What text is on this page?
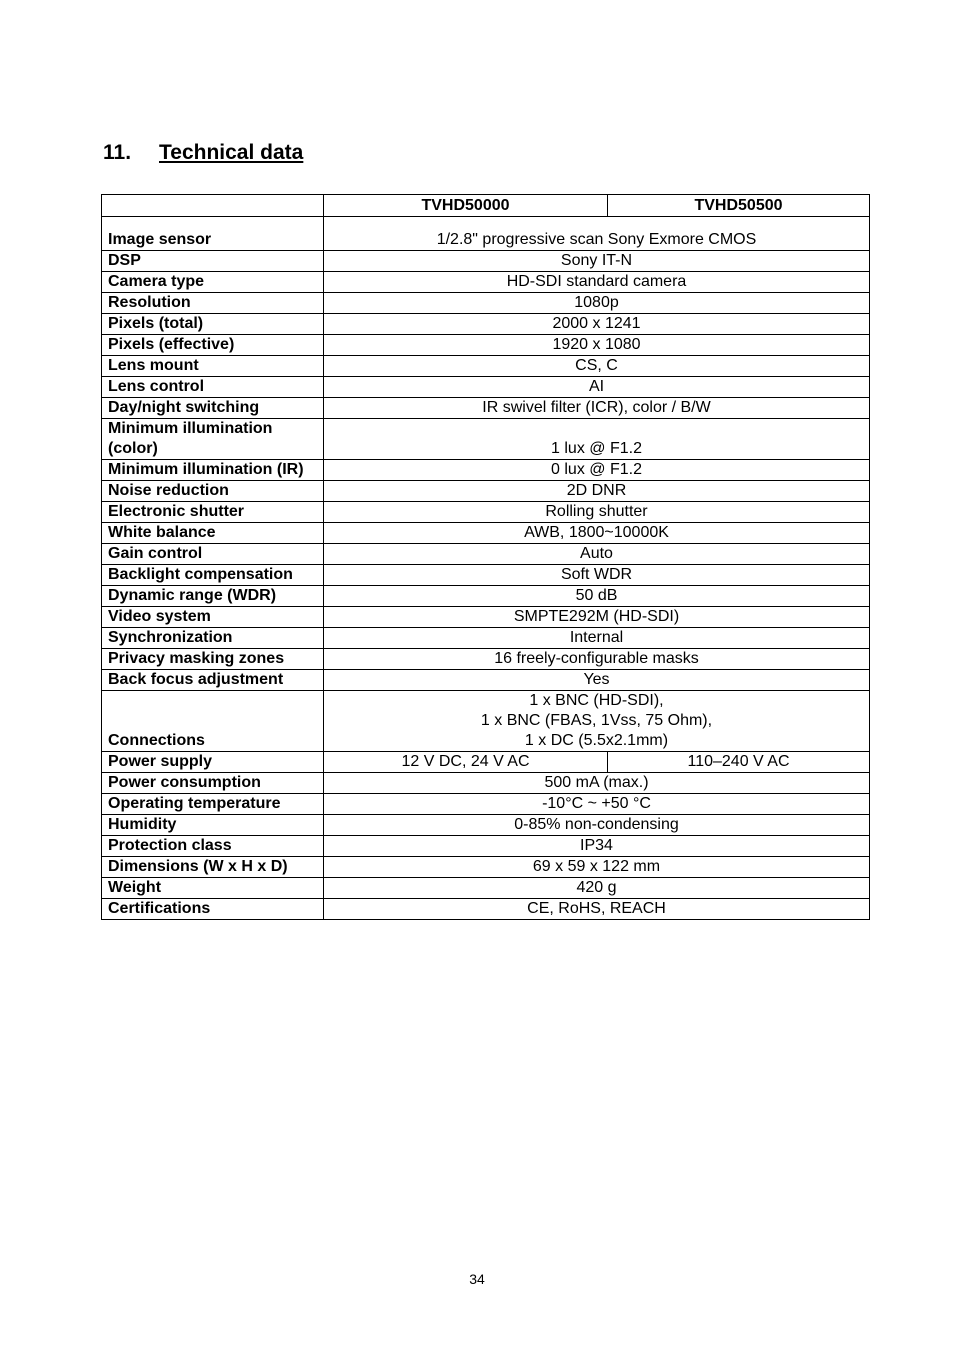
11. Technical data
	TVHD50000	TVHD50500
Image sensor	1/2.8" progressive scan Sony Exmore CMOS	
DSP	Sony IT-N	
Camera type	HD-SDI standard camera	
Resolution	1080p	
Pixels (total)	2000 x 1241	
Pixels (effective)	1920 x 1080	
Lens mount	CS, C	
Lens control	AI	
Day/night switching	IR swivel filter (ICR), color / B/W	
Minimum illumination (color)	1 lux @ F1.2	
Minimum illumination (IR)	0 lux @ F1.2	
Noise reduction	2D DNR	
Electronic shutter	Rolling shutter	
White balance	AWB, 1800~10000K	
Gain control	Auto	
Backlight compensation	Soft WDR	
Dynamic range (WDR)	50 dB	
Video system	SMPTE292M (HD-SDI)	
Synchronization	Internal	
Privacy masking zones	16 freely-configurable masks	
Back focus adjustment	Yes	
Connections	1 x BNC (HD-SDI),
1 x BNC (FBAS, 1Vss, 75 Ohm),
1 x DC (5.5x2.1mm)	

Power supply	12 V DC, 24 V AC	110–240 V AC
Power consumption	500 mA (max.)	
Operating temperature	-10°C ~ +50 °C	
Humidity	0-85% non-condensing	
Protection class	IP34	
Dimensions (W x H x D)	69 x 59 x 122 mm	
Weight	420 g	
Certifications	CE, RoHS, REACH	
34
